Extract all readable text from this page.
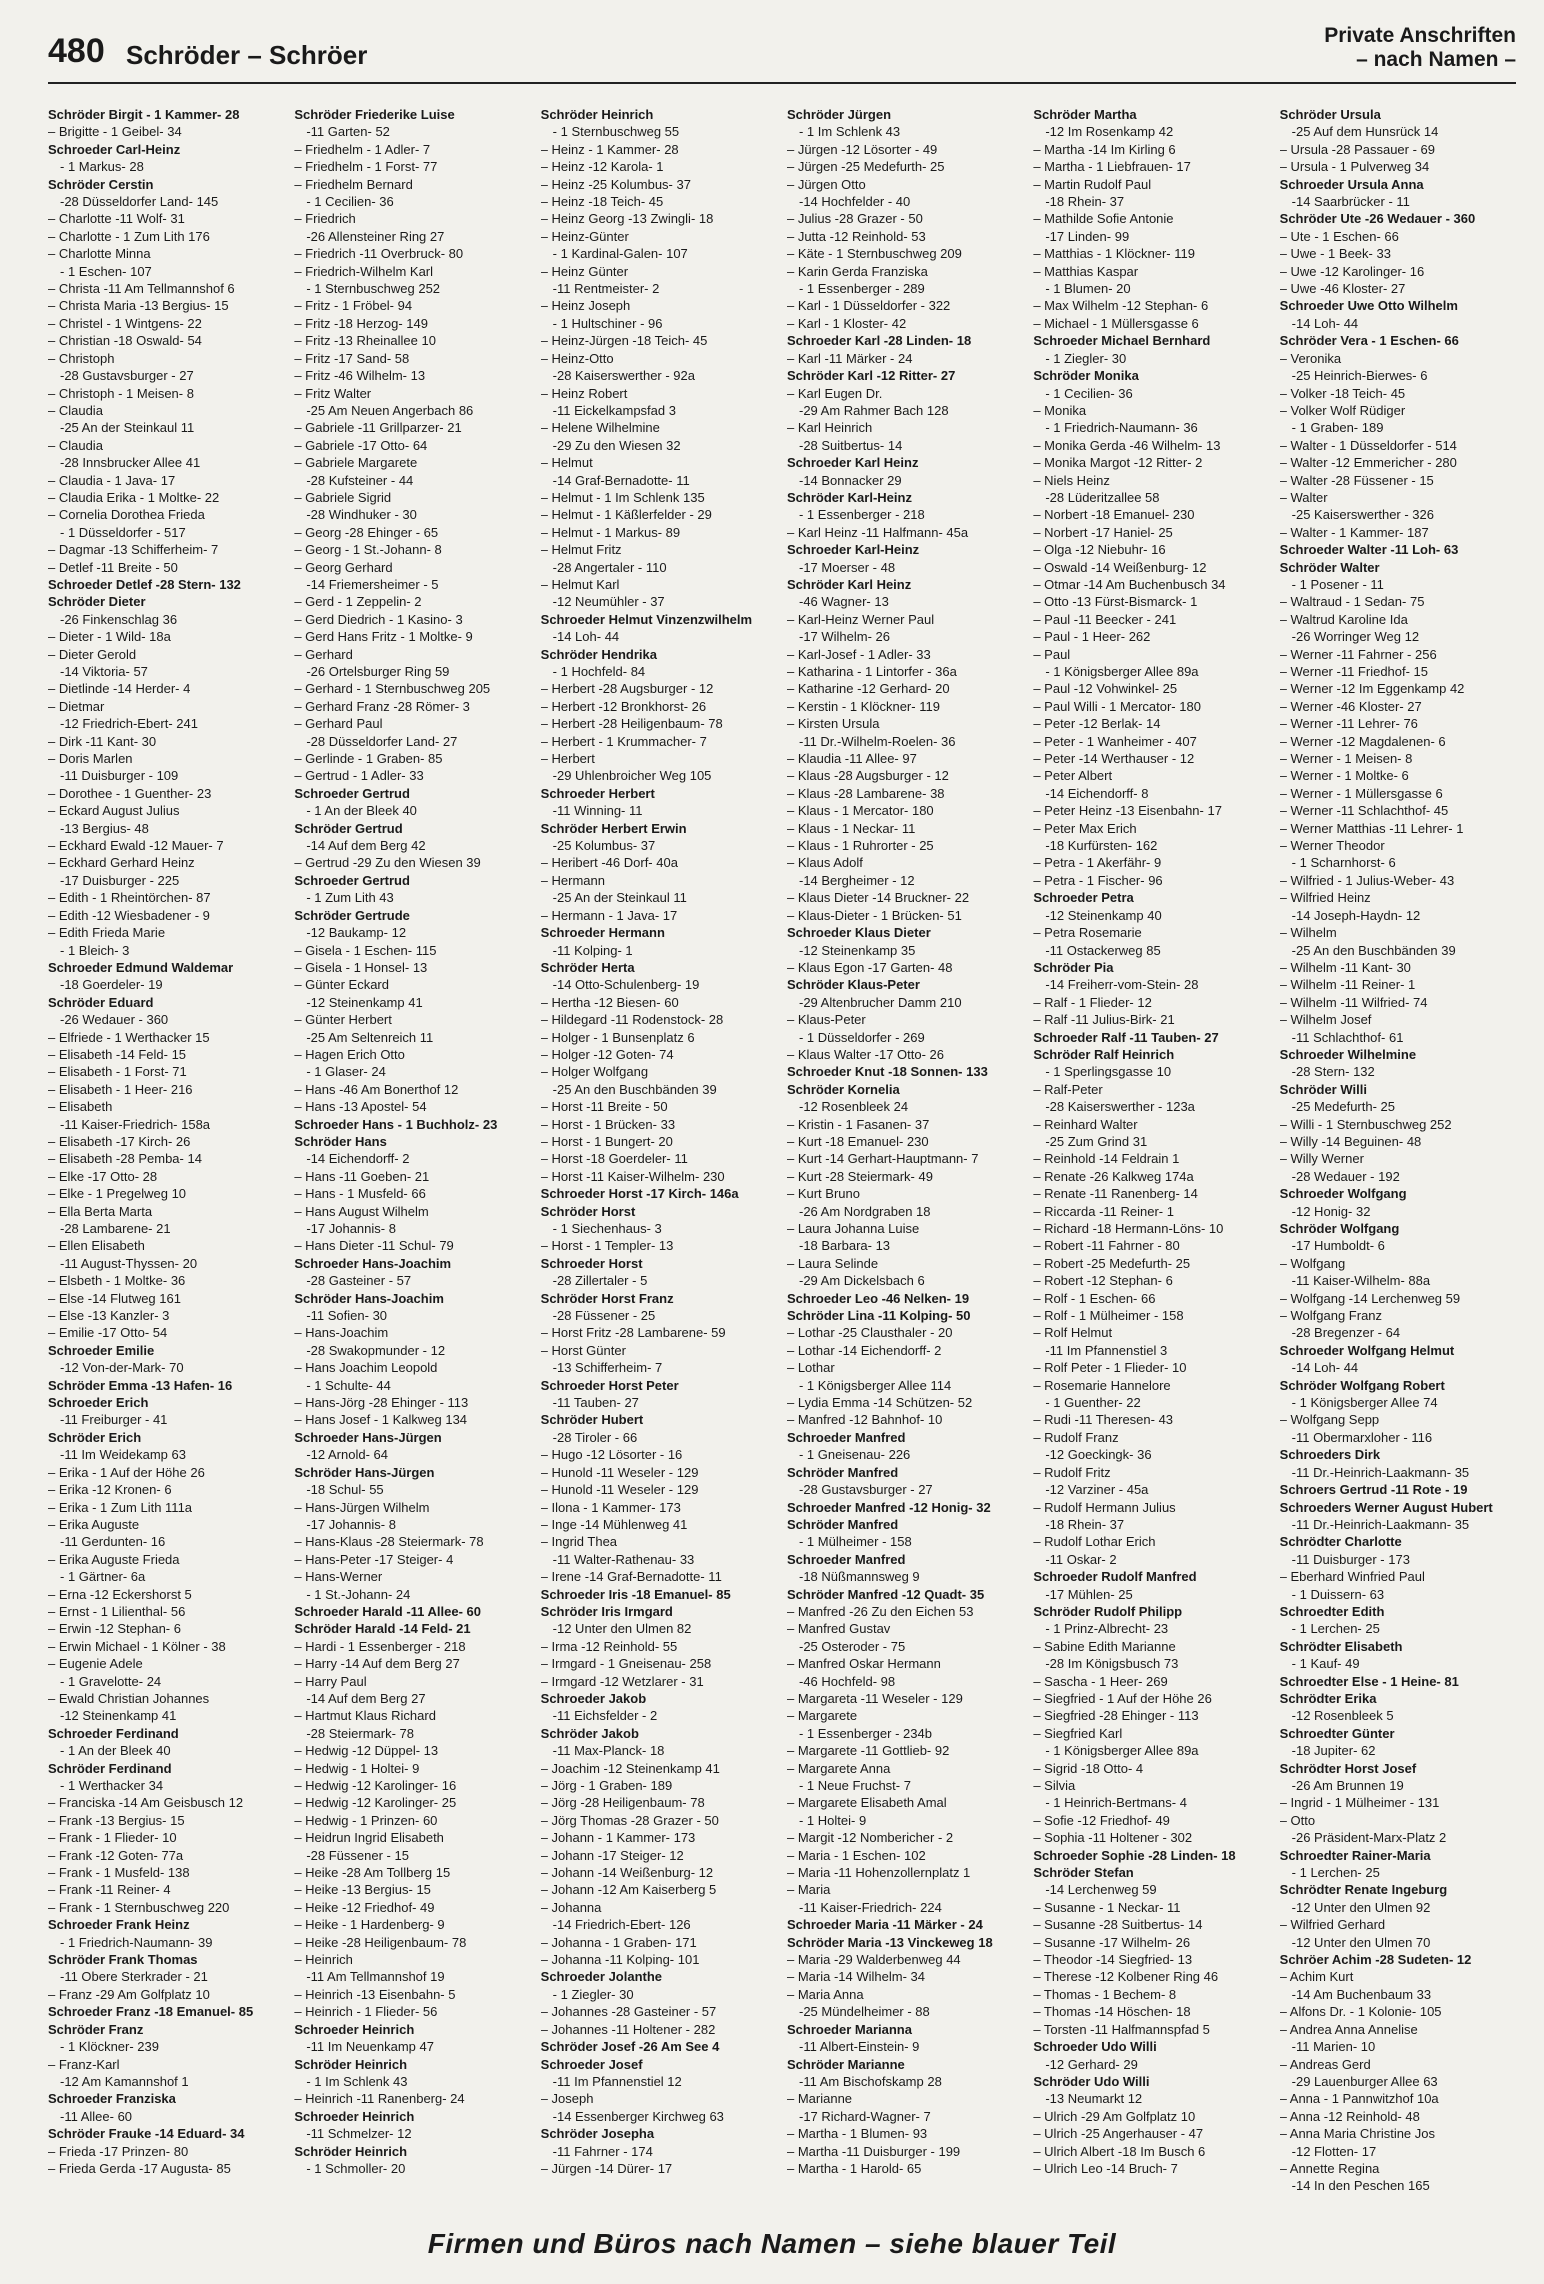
480 Schröder – Schröer
Private Anschriften
– nach Namen –
Schröder Birgit - 1 Kammer- 28
– Brigitte - 1 Geibel- 34
Schroeder Carl-Heinz
- 1 Markus- 28
Schröder Cerstin
-28 Düsseldorfer Land- 145
– Charlotte -11 Wolf- 31
– Charlotte - 1 Zum Lith 176
– Charlotte Minna
- 1 Eschen- 107
– Christa -11 Am Tellmannshof 6
– Christa Maria -13 Bergius- 15
– Christel - 1 Wintgens- 22
– Christian -18 Oswald- 54
– Christoph
-28 Gustavsburger - 27
– Christoph - 1 Meisen- 8
– Claudia
-25 An der Steinkaul 11
– Claudia
-28 Innsbrucker Allee 41
– Claudia - 1 Java- 17
– Claudia Erika - 1 Moltke- 22
– Cornelia Dorothea Frieda
- 1 Düsseldorfer - 517
– Dagmar -13 Schifferheim- 7
– Detlef -11 Breite - 50
Schroeder Detlef -28 Stern- 132
Schröder Dieter
-26 Finkenschlag 36
– Dieter - 1 Wild- 18a
– Dieter Gerold
-14 Viktoria- 57
– Dietlinde -14 Herder- 4
– Dietmar
-12 Friedrich-Ebert- 241
– Dirk -11 Kant- 30
– Doris Marlen
-11 Duisburger - 109
– Dorothee - 1 Guenther- 23
– Eckard August Julius
-13 Bergius- 48
– Eckhard Ewald -12 Mauer- 7
– Eckhard Gerhard Heinz
-17 Duisburger - 225
– Edith - 1 Rheintörchen- 87
– Edith -12 Wiesbadener - 9
– Edith Frieda Marie
- 1 Bleich- 3
Schroeder Edmund Waldemar
-18 Goerdeler- 19
Schröder Eduard
-26 Wedauer - 360
– Elfriede - 1 Werthacker 15
– Elisabeth -14 Feld- 15
– Elisabeth - 1 Forst- 71
– Elisabeth - 1 Heer- 216
– Elisabeth
-11 Kaiser-Friedrich- 158a
– Elisabeth -17 Kirch- 26
– Elisabeth -28 Pemba- 14
– Elke -17 Otto- 28
– Elke - 1 Pregelweg 10
– Ella Berta Marta
-28 Lambarene- 21
– Ellen Elisabeth
-11 August-Thyssen- 20
– Elsbeth - 1 Moltke- 36
– Else -14 Flutweg 161
– Else -13 Kanzler- 3
– Emilie -17 Otto- 54
Schroeder Emilie
-12 Von-der-Mark- 70
Schröder Emma -13 Hafen- 16
Schroeder Erich
-11 Freiburger - 41
Schröder Erich
-11 Im Weidekamp 63
– Erika - 1 Auf der Höhe 26
– Erika -12 Kronen- 6
– Erika - 1 Zum Lith 111a
– Erika Auguste
-11 Gerdunten- 16
– Erika Auguste Frieda
- 1 Gärtner- 6a
– Erna -12 Eckershorst 5
– Ernst - 1 Lilienthal- 56
– Erwin -12 Stephan- 6
– Erwin Michael - 1 Kölner - 38
– Eugenie Adele
- 1 Gravelotte- 24
– Ewald Christian Johannes
-12 Steinenkamp 41
Schroeder Ferdinand
- 1 An der Bleek 40
Schröder Ferdinand
- 1 Werthacker 34
– Franciska -14 Am Geisbusch 12
– Frank -13 Bergius- 15
– Frank - 1 Flieder- 10
– Frank -12 Goten- 77a
– Frank - 1 Musfeld- 138
– Frank -11 Reiner- 4
– Frank - 1 Sternbuschweg 220
Schroeder Frank Heinz
- 1 Friedrich-Naumann- 39
Schröder Frank Thomas
-11 Obere Sterkrader - 21
– Franz -29 Am Golfplatz 10
Schroeder Franz -18 Emanuel- 85
Schröder Franz
- 1 Klöckner- 239
– Franz-Karl
-12 Am Kamannshof 1
Schroeder Franziska
-11 Allee- 60
Schröder Frauke -14 Eduard- 34
– Frieda -17 Prinzen- 80
– Frieda Gerda -17 Augusta- 85
Schröder Friederike Luise
-11 Garten- 52
– Friedhelm - 1 Adler- 7
– Friedhelm - 1 Forst- 77
– Friedhelm Bernard
- 1 Cecilien- 36
– Friedrich
-26 Allensteiner Ring 27
– Friedrich -11 Overbruck- 80
– Friedrich-Wilhelm Karl
- 1 Sternbuschweg 252
– Fritz - 1 Fröbel- 94
– Fritz -18 Herzog- 149
– Fritz -13 Rheinallee 10
– Fritz -17 Sand- 58
– Fritz -46 Wilhelm- 13
– Fritz Walter
-25 Am Neuen Angerbach 86
– Gabriele -11 Grillparzer- 21
– Gabriele -17 Otto- 64
– Gabriele Margarete
-28 Kufsteiner - 44
– Gabriele Sigrid
-28 Windhuker - 30
– Georg -28 Ehinger - 65
– Georg - 1 St.-Johann- 8
– Georg Gerhard
-14 Friemersheimer - 5
– Gerd - 1 Zeppelin- 2
– Gerd Diedrich - 1 Kasino- 3
– Gerd Hans Fritz - 1 Moltke- 9
– Gerhard
-26 Ortelsburger Ring 59
– Gerhard - 1 Sternbuschweg 205
– Gerhard Franz -28 Römer- 3
– Gerhard Paul
-28 Düsseldorfer Land- 27
– Gerlinde - 1 Graben- 85
– Gertrud - 1 Adler- 33
Schroeder Gertrud
- 1 An der Bleek 40
Schröder Gertrud
-14 Auf dem Berg 42
– Gertrud -29 Zu den Wiesen 39
Schroeder Gertrud
- 1 Zum Lith 43
Schröder Gertrude
-12 Baukamp- 12
– Gisela - 1 Eschen- 115
– Gisela - 1 Honsel- 13
– Günter Eckard
-12 Steinenkamp 41
– Günter Herbert
-25 Am Seltenreich 11
– Hagen Erich Otto
- 1 Glaser- 24
– Hans -46 Am Bonerthof 12
– Hans -13 Apostel- 54
Schroeder Hans - 1 Buchholz- 23
Schröder Hans
-14 Eichendorff- 2
– Hans -11 Goeben- 21
– Hans - 1 Musfeld- 66
– Hans August Wilhelm
-17 Johannis- 8
– Hans Dieter -11 Schul- 79
Schroeder Hans-Joachim
-28 Gasteiner - 57
Schröder Hans-Joachim
-11 Sofien- 30
– Hans-Joachim
-28 Swakopmunder - 12
– Hans Joachim Leopold
- 1 Schulte- 44
– Hans-Jörg -28 Ehinger - 113
– Hans Josef - 1 Kalkweg 134
Schroeder Hans-Jürgen
-12 Arnold- 64
Schröder Hans-Jürgen
-18 Schul- 55
– Hans-Jürgen Wilhelm
-17 Johannis- 8
– Hans-Klaus -28 Steiermark- 78
– Hans-Peter -17 Steiger- 4
– Hans-Werner
- 1 St.-Johann- 24
Schroeder Harald -11 Allee- 60
Schröder Harald -14 Feld- 21
– Hardi - 1 Essenberger - 218
– Harry -14 Auf dem Berg 27
– Harry Paul
-14 Auf dem Berg 27
– Hartmut Klaus Richard
-28 Steiermark- 78
– Hedwig -12 Düppel- 13
– Hedwig - 1 Holtei- 9
– Hedwig -12 Karolinger- 16
– Hedwig -12 Karolinger- 25
– Hedwig - 1 Prinzen- 60
– Heidrun Ingrid Elisabeth
-28 Füssener - 15
– Heike -28 Am Tollberg 15
– Heike -13 Bergius- 15
– Heike -12 Friedhof- 49
– Heike - 1 Hardenberg- 9
– Heike -28 Heiligenbaum- 78
– Heinrich
-11 Am Tellmannshof 19
– Heinrich -13 Eisenbahn- 5
– Heinrich - 1 Flieder- 56
Schroeder Heinrich
-11 Im Neuenkamp 47
Schröder Heinrich
- 1 Im Schlenk 43
– Heinrich -11 Ranenberg- 24
Schroeder Heinrich
-11 Schmelzer- 12
Schröder Heinrich
- 1 Schmoller- 20
Schröder Heinrich
- 1 Sternbuschweg 55
– Heinz - 1 Kammer- 28
– Heinz -12 Karola- 1
– Heinz -25 Kolumbus- 37
– Heinz -18 Teich- 45
– Heinz Georg -13 Zwingli- 18
– Heinz-Günter
- 1 Kardinal-Galen- 107
– Heinz Günter
-11 Rentmeister- 2
– Heinz Joseph
- 1 Hultschiner - 96
– Heinz-Jürgen -18 Teich- 45
– Heinz-Otto
-28 Kaiserswerther - 92a
– Heinz Robert
-11 Eickelkampsfad 3
– Helene Wilhelmine
-29 Zu den Wiesen 32
– Helmut
-14 Graf-Bernadotte- 11
– Helmut - 1 Im Schlenk 135
– Helmut - 1 Käßlerfelder - 29
– Helmut - 1 Markus- 89
– Helmut Fritz
-28 Angertaler - 110
– Helmut Karl
-12 Neumühler - 37
Schroeder Helmut Vinzenzwilhelm
-14 Loh- 44
Schröder Hendrika
- 1 Hochfeld- 84
– Herbert -28 Augsburger - 12
– Herbert -12 Bronkhorst- 26
– Herbert -28 Heiligenbaum- 78
– Herbert - 1 Krummacher- 7
– Herbert
-29 Uhlenbroicher Weg 105
Schroeder Herbert
-11 Winning- 11
Schröder Herbert Erwin
-25 Kolumbus- 37
– Heribert -46 Dorf- 40a
– Hermann
-25 An der Steinkaul 11
– Hermann - 1 Java- 17
Schroeder Hermann
-11 Kolping- 1
Schröder Herta
-14 Otto-Schulenberg- 19
– Hertha -12 Biesen- 60
– Hildegard -11 Rodenstock- 28
– Holger - 1 Bunsenplatz 6
– Holger -12 Goten- 74
– Holger Wolfgang
-25 An den Buschbänden 39
– Horst -11 Breite - 50
– Horst - 1 Brücken- 33
– Horst - 1 Bungert- 20
– Horst -18 Goerdeler- 11
– Horst -11 Kaiser-Wilhelm- 230
Schroeder Horst -17 Kirch- 146a
Schröder Horst
- 1 Siechenhaus- 3
– Horst - 1 Templer- 13
Schroeder Horst
-28 Zillertaler - 5
Schröder Horst Franz
-28 Füssener - 25
– Horst Fritz -28 Lambarene- 59
– Horst Günter
-13 Schifferheim- 7
Schroeder Horst Peter
-11 Tauben- 27
Schröder Hubert
-28 Tiroler - 66
– Hugo -12 Lösorter - 16
– Hunold -11 Weseler - 129
– Hunold -11 Weseler - 129
– Ilona - 1 Kammer- 173
– Inge -14 Mühlenweg 41
– Ingrid Thea
-11 Walter-Rathenau- 33
– Irene -14 Graf-Bernadotte- 11
Schroeder Iris -18 Emanuel- 85
Schröder Iris Irmgard
-12 Unter den Ulmen 82
– Irma -12 Reinhold- 55
– Irmgard - 1 Gneisenau- 258
– Irmgard -12 Wetzlarer - 31
Schroeder Jakob
-11 Eichsfelder - 2
Schröder Jakob
-11 Max-Planck- 18
– Joachim -12 Steinenkamp 41
– Jörg - 1 Graben- 189
– Jörg -28 Heiligenbaum- 78
– Jörg Thomas -28 Grazer - 50
– Johann - 1 Kammer- 173
– Johann -17 Steiger- 12
– Johann -14 Weißenburg- 12
– Johann -12 Am Kaiserberg 5
– Johanna
-14 Friedrich-Ebert- 126
– Johanna - 1 Graben- 171
– Johanna -11 Kolping- 101
Schroeder Jolanthe
- 1 Ziegler- 30
– Johannes -28 Gasteiner - 57
– Johannes -11 Holtener - 282
Schröder Josef -26 Am See 4
Schroeder Josef
-11 Im Pfannenstiel 12
– Joseph
-14 Essenberger Kirchweg 63
Schröder Josepha
-11 Fahrner - 174
– Jürgen -14 Dürer- 17
Schröder Jürgen
- 1 Im Schlenk 43
– Jürgen -12 Lösorter - 49
– Jürgen -25 Medefurth- 25
– Jürgen Otto
-14 Hochfelder - 40
– Julius -28 Grazer - 50
– Jutta -12 Reinhold- 53
– Käte - 1 Sternbuschweg 209
– Karin Gerda Franziska
- 1 Essenberger - 289
– Karl - 1 Düsseldorfer - 322
– Karl - 1 Kloster- 42
Schroeder Karl -28 Linden- 18
– Karl -11 Märker - 24
Schröder Karl -12 Ritter- 27
– Karl Eugen Dr.
-29 Am Rahmer Bach 128
– Karl Heinrich
-28 Suitbertus- 14
Schroeder Karl Heinz
-14 Bonnacker 29
Schröder Karl-Heinz
- 1 Essenberger - 218
– Karl Heinz -11 Halfmann- 45a
Schroeder Karl-Heinz
-17 Moerser - 48
Schröder Karl Heinz
-46 Wagner- 13
– Karl-Heinz Werner Paul
-17 Wilhelm- 26
– Karl-Josef - 1 Adler- 33
– Katharina - 1 Lintorfer - 36a
– Katharine -12 Gerhard- 20
– Kerstin - 1 Klöckner- 119
– Kirsten Ursula
-11 Dr.-Wilhelm-Roelen- 36
– Klaudia -11 Allee- 97
– Klaus -28 Augsburger - 12
– Klaus -28 Lambarene- 38
– Klaus - 1 Mercator- 180
– Klaus - 1 Neckar- 11
– Klaus - 1 Ruhrorter - 25
– Klaus Adolf
-14 Bergheimer - 12
– Klaus Dieter -14 Bruckner- 22
– Klaus-Dieter - 1 Brücken- 51
Schroeder Klaus Dieter
-12 Steinenkamp 35
– Klaus Egon -17 Garten- 48
Schröder Klaus-Peter
-29 Altenbrucher Damm 210
– Klaus-Peter
- 1 Düsseldorfer - 269
– Klaus Walter -17 Otto- 26
Schroeder Knut -18 Sonnen- 133
Schröder Kornelia
-12 Rosenbleek 24
– Kristin - 1 Fasanen- 37
– Kurt -18 Emanuel- 230
– Kurt -14 Gerhart-Hauptmann- 7
– Kurt -28 Steiermark- 49
– Kurt Bruno
-26 Am Nordgraben 18
– Laura Johanna Luise
-18 Barbara- 13
– Laura Selinde
-29 Am Dickelsbach 6
Schroeder Leo -46 Nelken- 19
Schröder Lina -11 Kolping- 50
– Lothar -25 Clausthaler - 20
– Lothar -14 Eichendorff- 2
– Lothar
- 1 Königsberger Allee 114
– Lydia Emma -14 Schützen- 52
– Manfred -12 Bahnhof- 10
Schroeder Manfred
- 1 Gneisenau- 226
Schröder Manfred
-28 Gustavsburger - 27
Schroeder Manfred -12 Honig- 32
Schröder Manfred
- 1 Mülheimer - 158
Schroeder Manfred
-18 Nüßmannsweg 9
Schröder Manfred -12 Quadt- 35
– Manfred -26 Zu den Eichen 53
– Manfred Gustav
-25 Osteroder - 75
– Manfred Oskar Hermann
-46 Hochfeld- 98
– Margareta -11 Weseler - 129
– Margarete
- 1 Essenberger - 234b
– Margarete -11 Gottlieb- 92
– Margarete Anna
- 1 Neue Fruchst- 7
– Margarete Elisabeth Amal
- 1 Holtei- 9
– Margit -12 Nombericher - 2
– Maria - 1 Eschen- 102
– Maria -11 Hohenzollernplatz 1
– Maria
-11 Kaiser-Friedrich- 224
Schroeder Maria -11 Märker - 24
Schröder Maria -13 Vinckeweg 18
– Maria -29 Walderbenweg 44
– Maria -14 Wilhelm- 34
– Maria Anna
-25 Mündelheimer - 88
Schroeder Marianna
-11 Albert-Einstein- 9
Schröder Marianne
-11 Am Bischofskamp 28
– Marianne
-17 Richard-Wagner- 7
– Martha - 1 Blumen- 93
– Martha -11 Duisburger - 199
– Martha - 1 Harold- 65
Schröder Martha
-12 Im Rosenkamp 42
– Martha -14 Im Kirling 6
– Martha - 1 Liebfrauen- 17
– Martin Rudolf Paul
-18 Rhein- 37
– Mathilde Sofie Antonie
-17 Linden- 99
– Matthias - 1 Klöckner- 119
– Matthias Kaspar
- 1 Blumen- 20
– Max Wilhelm -12 Stephan- 6
– Michael - 1 Müllersgasse 6
Schroeder Michael Bernhard
- 1 Ziegler- 30
Schröder Monika
- 1 Cecilien- 36
– Monika
- 1 Friedrich-Naumann- 36
– Monika Gerda -46 Wilhelm- 13
– Monika Margot -12 Ritter- 2
– Niels Heinz
-28 Lüderitzallee 58
– Norbert -18 Emanuel- 230
– Norbert -17 Haniel- 25
– Olga -12 Niebuhr- 16
– Oswald -14 Weißenburg- 12
– Otmar -14 Am Buchenbusch 34
– Otto -13 Fürst-Bismarck- 1
– Paul -11 Beecker - 241
– Paul - 1 Heer- 262
– Paul
- 1 Königsberger Allee 89a
– Paul -12 Vohwinkel- 25
– Paul Willi - 1 Mercator- 180
– Peter -12 Berlak- 14
– Peter - 1 Wanheimer - 407
– Peter -14 Werthauser - 12
– Peter Albert
-14 Eichendorff- 8
– Peter Heinz -13 Eisenbahn- 17
– Peter Max Erich
-18 Kurfürsten- 162
– Petra - 1 Akerfähr- 9
– Petra - 1 Fischer- 96
Schroeder Petra
-12 Steinenkamp 40
– Petra Rosemarie
-11 Ostackerweg 85
Schröder Pia
-14 Freiherr-vom-Stein- 28
– Ralf - 1 Flieder- 12
– Ralf -11 Julius-Birk- 21
Schroeder Ralf -11 Tauben- 27
Schröder Ralf Heinrich
- 1 Sperlingsgasse 10
– Ralf-Peter
-28 Kaiserswerther - 123a
– Reinhard Walter
-25 Zum Grind 31
– Reinhold -14 Feldrain 1
– Renate -26 Kalkweg 174a
– Renate -11 Ranenberg- 14
– Riccarda -11 Reiner- 1
– Richard -18 Hermann-Löns- 10
– Robert -11 Fahrner - 80
– Robert -25 Medefurth- 25
– Robert -12 Stephan- 6
– Rolf - 1 Eschen- 66
– Rolf - 1 Mülheimer - 158
– Rolf Helmut
-11 Im Pfannenstiel 3
– Rolf Peter - 1 Flieder- 10
– Rosemarie Hannelore
- 1 Guenther- 22
– Rudi -11 Theresen- 43
– Rudolf Franz
-12 Goeckingk- 36
– Rudolf Fritz
-12 Varziner - 45a
– Rudolf Hermann Julius
-18 Rhein- 37
– Rudolf Lothar Erich
-11 Oskar- 2
Schroeder Rudolf Manfred
-17 Mühlen- 25
Schröder Rudolf Philipp
- 1 Prinz-Albrecht- 23
– Sabine Edith Marianne
-28 Im Königsbusch 73
– Sascha - 1 Heer- 269
– Siegfried - 1 Auf der Höhe 26
– Siegfried -28 Ehinger - 113
– Siegfried Karl
- 1 Königsberger Allee 89a
– Sigrid -18 Otto- 4
– Silvia
- 1 Heinrich-Bertmans- 4
– Sofie -12 Friedhof- 49
– Sophia -11 Holtener - 302
Schroeder Sophie -28 Linden- 18
Schröder Stefan
-14 Lerchenweg 59
– Susanne - 1 Neckar- 11
– Susanne -28 Suitbertus- 14
– Susanne -17 Wilhelm- 26
– Theodor -14 Siegfried- 13
– Therese -12 Kolbener Ring 46
– Thomas - 1 Bechem- 8
– Thomas -14 Höschen- 18
– Torsten -11 Halfmannspfad 5
Schroeder Udo Willi
-12 Gerhard- 29
Schröder Udo Willi
-13 Neumarkt 12
– Ulrich -29 Am Golfplatz 10
– Ulrich -25 Angerhauser - 47
– Ulrich Albert -18 Im Busch 6
– Ulrich Leo -14 Bruch- 7
Schröder Ursula
-25 Auf dem Hunsrück 14
– Ursula -28 Passauer - 69
– Ursula - 1 Pulverweg 34
Schroeder Ursula Anna
-14 Saarbrücker - 11
Schröder Ute -26 Wedauer - 360
– Ute - 1 Eschen- 66
– Uwe - 1 Beek- 33
– Uwe -12 Karolinger- 16
– Uwe -46 Kloster- 27
Schroeder Uwe Otto Wilhelm
-14 Loh- 44
Schröder Vera - 1 Eschen- 66
– Veronika
-25 Heinrich-Bierwes- 6
– Volker -18 Teich- 45
– Volker Wolf Rüdiger
- 1 Graben- 189
– Walter - 1 Düsseldorfer - 514
– Walter -12 Emmericher - 280
– Walter -28 Füssener - 15
– Walter
-25 Kaiserswerther - 326
– Walter - 1 Kammer- 187
Schroeder Walter -11 Loh- 63
Schröder Walter
- 1 Posener - 11
– Waltraud - 1 Sedan- 75
– Waltrud Karoline Ida
-26 Worringer Weg 12
– Werner -11 Fahrner - 256
– Werner -11 Friedhof- 15
– Werner -12 Im Eggenkamp 42
– Werner -46 Kloster- 27
– Werner -11 Lehrer- 76
– Werner -12 Magdalenen- 6
– Werner - 1 Meisen- 8
– Werner - 1 Moltke- 6
– Werner - 1 Müllersgasse 6
– Werner -11 Schlachthof- 45
– Werner Matthias -11 Lehrer- 1
– Werner Theodor
- 1 Scharnhorst- 6
– Wilfried - 1 Julius-Weber- 43
– Wilfried Heinz
-14 Joseph-Haydn- 12
– Wilhelm
-25 An den Buschbänden 39
– Wilhelm -11 Kant- 30
– Wilhelm -11 Reiner- 1
– Wilhelm -11 Wilfried- 74
– Wilhelm Josef
-11 Schlachthof- 61
Schroeder Wilhelmine
-28 Stern- 132
Schröder Willi
-25 Medefurth- 25
– Willi - 1 Sternbuschweg 252
– Willy -14 Beguinen- 48
– Willy Werner
-28 Wedauer - 192
Schroeder Wolfgang
-12 Honig- 32
Schröder Wolfgang
-17 Humboldt- 6
– Wolfgang
-11 Kaiser-Wilhelm- 88a
– Wolfgang -14 Lerchenweg 59
– Wolfgang Franz
-28 Bregenzer - 64
Schroeder Wolfgang Helmut
-14 Loh- 44
Schröder Wolfgang Robert
- 1 Königsberger Allee 74
– Wolfgang Sepp
-11 Obermarxloher - 116
Schroeders Dirk
-11 Dr.-Heinrich-Laakmann- 35
Schroers Gertrud -11 Rote - 19
Schroeders Werner August Hubert
-11 Dr.-Heinrich-Laakmann- 35
Schrödter Charlotte
-11 Duisburger - 173
– Eberhard Winfried Paul
- 1 Duissern- 63
Schroedter Edith
- 1 Lerchen- 25
Schrödter Elisabeth
- 1 Kauf- 49
Schroedter Else - 1 Heine- 81
Schrödter Erika
-12 Rosenbleek 5
Schroedter Günter
-18 Jupiter- 62
Schrödter Horst Josef
-26 Am Brunnen 19
– Ingrid - 1 Mülheimer - 131
– Otto
-26 Präsident-Marx-Platz 2
Schroedter Rainer-Maria
- 1 Lerchen- 25
Schrödter Renate Ingeburg
-12 Unter den Ulmen 92
– Wilfried Gerhard
-12 Unter den Ulmen 70
Schröer Achim -28 Sudeten- 12
– Achim Kurt
-14 Am Buchenbaum 33
– Alfons Dr. - 1 Kolonie- 105
– Andrea Anna Annelise
-11 Marien- 10
– Andreas Gerd
-29 Lauenburger Allee 63
– Anna - 1 Pannwitzhof 10a
– Anna -12 Reinhold- 48
– Anna Maria Christine Jos
-12 Flotten- 17
– Annette Regina
-14 In den Peschen 165
Firmen und Büros nach Namen – siehe blauer Teil
